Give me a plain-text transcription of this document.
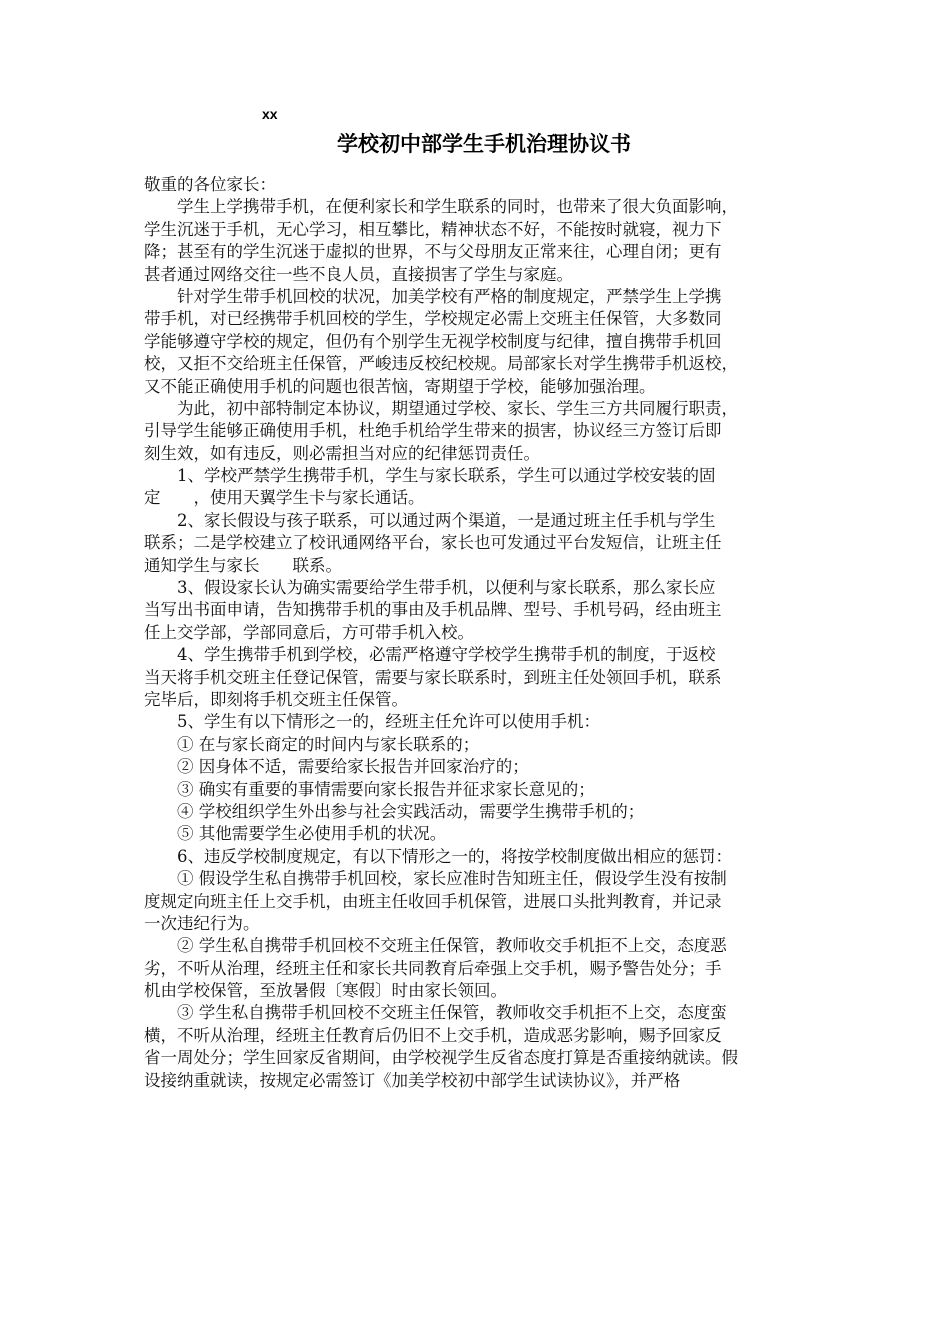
xx
学校初中部学生手机治理协议书
敬重的各位家长：
学生上学携带手机，在便利家长和学生联系的同时，也带来了很大负面影响，
学生沉迷于手机，无心学习，相互攀比，精神状态不好，不能按时就寝，视力下
降；甚至有的学生沉迷于虚拟的世界，不与父母朋友正常来往，心理自闭；更有
甚者通过网络交往一些不良人员，直接损害了学生与家庭。
针对学生带手机回校的状况，加美学校有严格的制度规定，严禁学生上学携
带手机，对已经携带手机回校的学生，学校规定必需上交班主任保管，大多数同
学能够遵守学校的规定，但仍有个别学生无视学校制度与纪律，擅自携带手机回
校，又拒不交给班主任保管，严峻违反校纪校规。局部家长对学生携带手机返校，
又不能正确使用手机的问题也很苦恼，寄期望于学校，能够加强治理。
为此，初中部特制定本协议，期望通过学校、家长、学生三方共同履行职责，
引导学生能够正确使用手机，杜绝手机给学生带来的损害，协议经三方签订后即
刻生效，如有违反，则必需担当对应的纪律惩罚责任。
1、学校严禁学生携带手机，学生与家长联系，学生可以通过学校安装的固
定　　，使用天翼学生卡与家长通话。
2、家长假设与孩子联系，可以通过两个渠道，一是通过班主任手机与学生
联系；二是学校建立了校讯通网络平台，家长也可发通过平台发短信，让班主任
通知学生与家长　　联系。
3、假设家长认为确实需要给学生带手机，以便利与家长联系，那么家长应
当写出书面申请，告知携带手机的事由及手机品牌、型号、手机号码，经由班主
任上交学部，学部同意后，方可带手机入校。
4、学生携带手机到学校，必需严格遵守学校学生携带手机的制度，于返校
当天将手机交班主任登记保管，需要与家长联系时，到班主任处领回手机，联系
完毕后，即刻将手机交班主任保管。
5、学生有以下情形之一的，经班主任允许可以使用手机：
① 在与家长商定的时间内与家长联系的；
② 因身体不适，需要给家长报告并回家治疗的；
③ 确实有重要的事情需要向家长报告并征求家长意见的；
④ 学校组织学生外出参与社会实践活动，需要学生携带手机的；
⑤ 其他需要学生必使用手机的状况。
6、违反学校制度规定，有以下情形之一的，将按学校制度做出相应的惩罚：
① 假设学生私自携带手机回校，家长应准时告知班主任，假设学生没有按制
度规定向班主任上交手机，由班主任收回手机保管，进展口头批判教育，并记录
一次违纪行为。
② 学生私自携带手机回校不交班主任保管，教师收交手机拒不上交，态度恶
劣，不听从治理，经班主任和家长共同教育后牵强上交手机，赐予警告处分；手
机由学校保管，至放暑假〔寒假〕时由家长领回。
③ 学生私自携带手机回校不交班主任保管，教师收交手机拒不上交，态度蛮
横，不听从治理，经班主任教育后仍旧不上交手机，造成恶劣影响，赐予回家反
省一周处分；学生回家反省期间，由学校视学生反省态度打算是否重接纳就读。假
设接纳重就读，按规定必需签订《加美学校初中部学生试读协议》，并严格
